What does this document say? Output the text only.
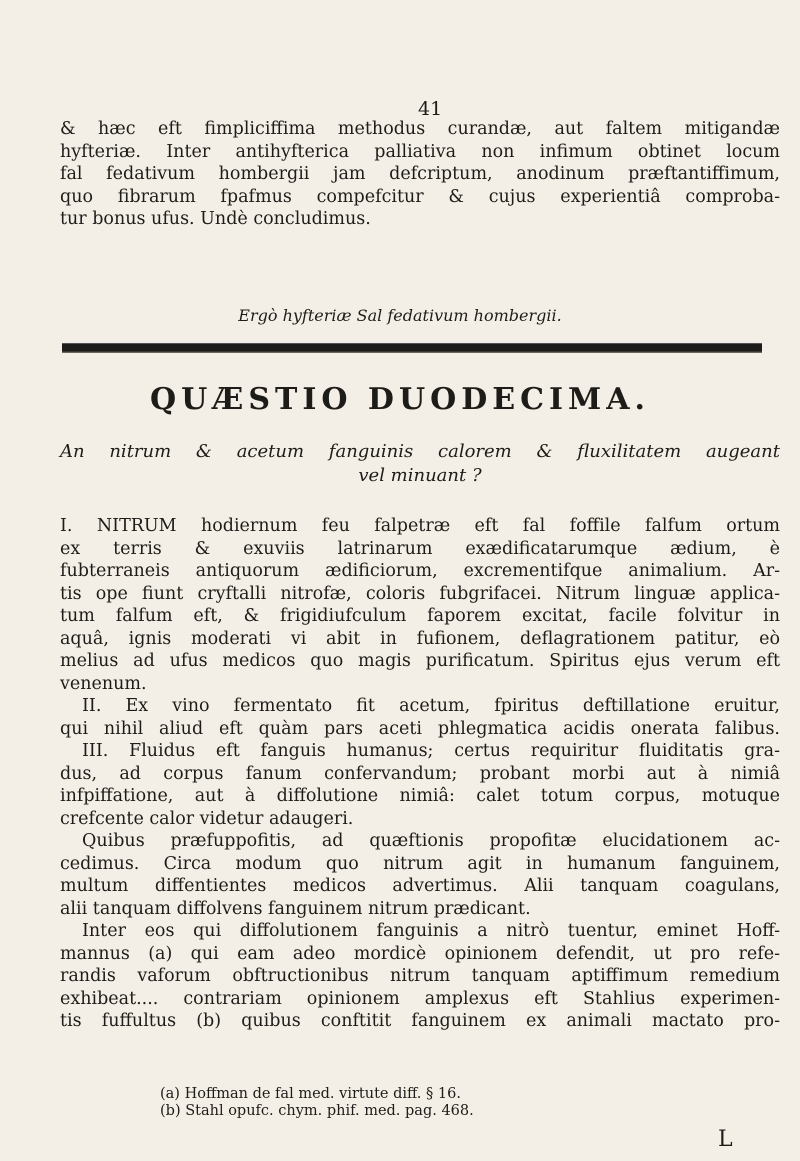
41
& hæc eft fimpliciffima methodus curandæ, aut faltem mitigandæ
hyfteriæ. Inter antihyfterica palliativa non infimum obtinet locum
fal fedativum hombergii jam defcriptum, anodinum præftantiffimum,
quo fibrarum fpafmus compefcitur & cujus experientiâ comproba-
tur bonus ufus. Undè concludimus.
Ergò hyfteriæ Sal fedativum hombergii.
QUÆSTIO DUODECIMA.
An nitrum & acetum fanguinis calorem & fluxilitatem augeant
vel minuant ?
I. NITRUM hodiernum feu falpetræ eft fal foffile falfum ortum
ex terris & exuviis latrinarum exædificatarumque ædium, è
fubterraneis antiquorum ædificiorum, excrementifque animalium. Ar-
tis ope fiunt cryftalli nitrofæ, coloris fubgrifacei. Nitrum linguæ applica-
tum falfum eft, & frigidiufculum faporem excitat, facile folvitur in
aquâ, ignis moderati vi abit in fufionem, deflagrationem patitur, eò
melius ad ufus medicos quo magis purificatum. Spiritus ejus verum eft
venenum.
II. Ex vino fermentato fit acetum, fpiritus deftillatione eruitur,
qui nihil aliud eft quàm pars aceti phlegmatica acidis onerata falibus.
III. Fluidus eft fanguis humanus; certus requiritur fluiditatis gra-
dus, ad corpus fanum confervandum; probant morbi aut à nimiâ
infpiffatione, aut à diffolutione nimiâ: calet totum corpus, motuque
crefcente calor videtur adaugeri.
Quibus præfuppofitis, ad quæftionis propofitæ elucidationem ac-
cedimus. Circa modum quo nitrum agit in humanum fanguinem,
multum diffentientes medicos advertimus. Alii tanquam coagulans,
alii tanquam diffolvens fanguinem nitrum prædicant.
Inter eos qui diffolutionem fanguinis a nitrò tuentur, eminet Hoff-
mannus (a) qui eam adeo mordicè opinionem defendit, ut pro refe-
randis vaforum obftructionibus nitrum tanquam aptiffimum remedium
exhibeat.... contrariam opinionem amplexus eft Stahlius experimen-
tis fuffultus (b) quibus conftitit fanguinem ex animali mactato pro-
(a) Hoffman de fal med. virtute diff. § 16.
(b) Stahl opufc. chym. phif. med. pag. 468.
L
